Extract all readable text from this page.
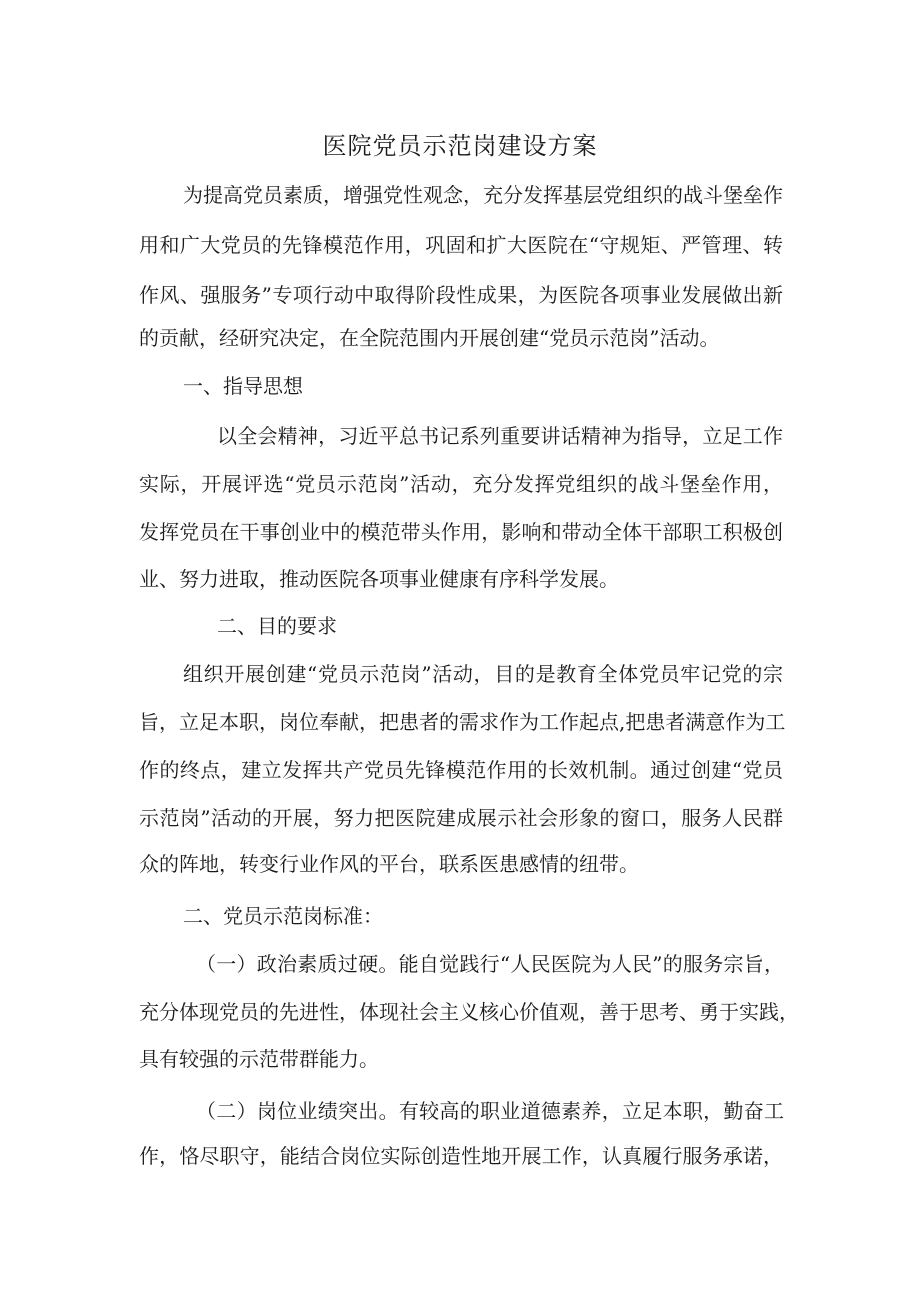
医院党员示范岗建设方案

为提高党员素质，增强党性观念，充分发挥基层党组织的战斗堡垒作

用和广大党员的先锋模范作用，巩固和扩大医院在“守规矩、严管理、转

作风、强服务”专项行动中取得阶段性成果，为医院各项事业发展做出新

的贡献，经研究决定，在全院范围内开展创建“党员示范岗”活动。

一、指导思想

以全会精神，习近平总书记系列重要讲话精神为指导，立足工作

实际，开展评选“党员示范岗”活动，充分发挥党组织的战斗堡垒作用，

发挥党员在干事创业中的模范带头作用，影响和带动全体干部职工积极创

业、努力进取，推动医院各项事业健康有序科学发展。

二、目的要求

组织开展创建“党员示范岗”活动，目的是教育全体党员牢记党的宗

旨，立足本职，岗位奉献，把患者的需求作为工作起点,把患者满意作为工

作的终点，建立发挥共产党员先锋模范作用的长效机制。通过创建“党员

示范岗”活动的开展，努力把医院建成展示社会形象的窗口，服务人民群

众的阵地，转变行业作风的平台，联系医患感情的纽带。

二、党员示范岗标准：

（一）政治素质过硬。能自觉践行“人民医院为人民”的服务宗旨，

充分体现党员的先进性，体现社会主义核心价值观，善于思考、勇于实践，

具有较强的示范带群能力。

（二）岗位业绩突出。有较高的职业道德素养，立足本职，勤奋工

作，恪尽职守，能结合岗位实际创造性地开展工作，认真履行服务承诺，
